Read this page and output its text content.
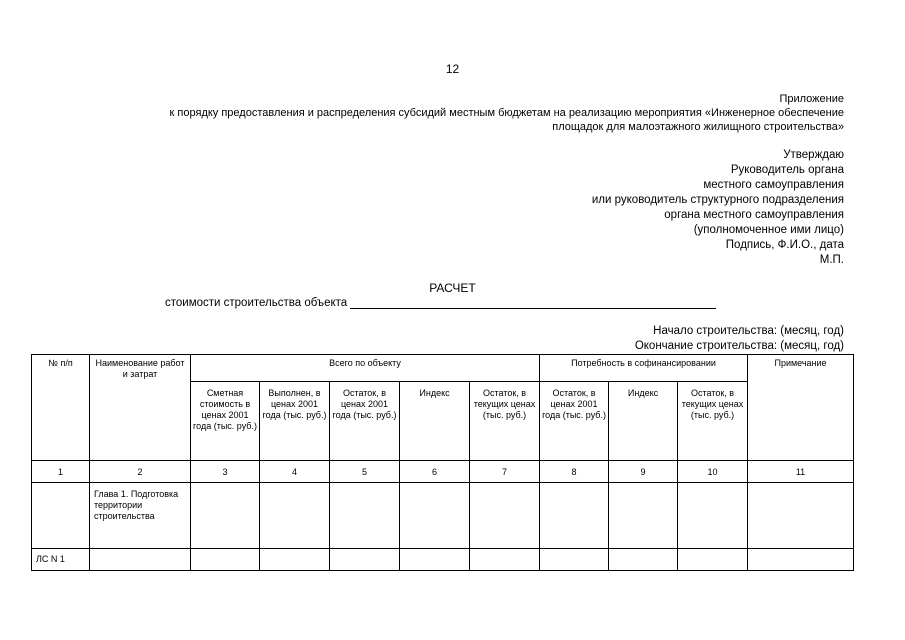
12
Приложение
к порядку предоставления и распределения субсидий местным бюджетам на реализацию мероприятия «Инженерное обеспечение
площадок для малоэтажного жилищного строительства»
Утверждаю
Руководитель органа
местного самоуправления
или руководитель структурного подразделения
органа местного самоуправления
(уполномоченное ими лицо)
Подпись, Ф.И.О., дата
М.П.
РАСЧЕТ
стоимости строительства объекта
Начало строительства: (месяц, год)
Окончание строительства: (месяц, год)
№ п/п	Наименование работ и затрат	Всего по объекту					Потребность в софинансировании			Примечание
		Сметная стоимость в ценах 2001 года (тыс. руб.)	Выполнен, в ценах 2001 года (тыс. руб.)	Остаток, в ценах 2001 года (тыс. руб.)	Индекс	Остаток, в текущих ценах (тыс. руб.)	Остаток, в ценах 2001 года (тыс. руб.)	Индекс	Остаток, в текущих ценах (тыс. руб.)	
1	2	3	4	5	6	7	8	9	10	11
	Глава 1. Подготовка территории строительства									
ЛС N 1										
